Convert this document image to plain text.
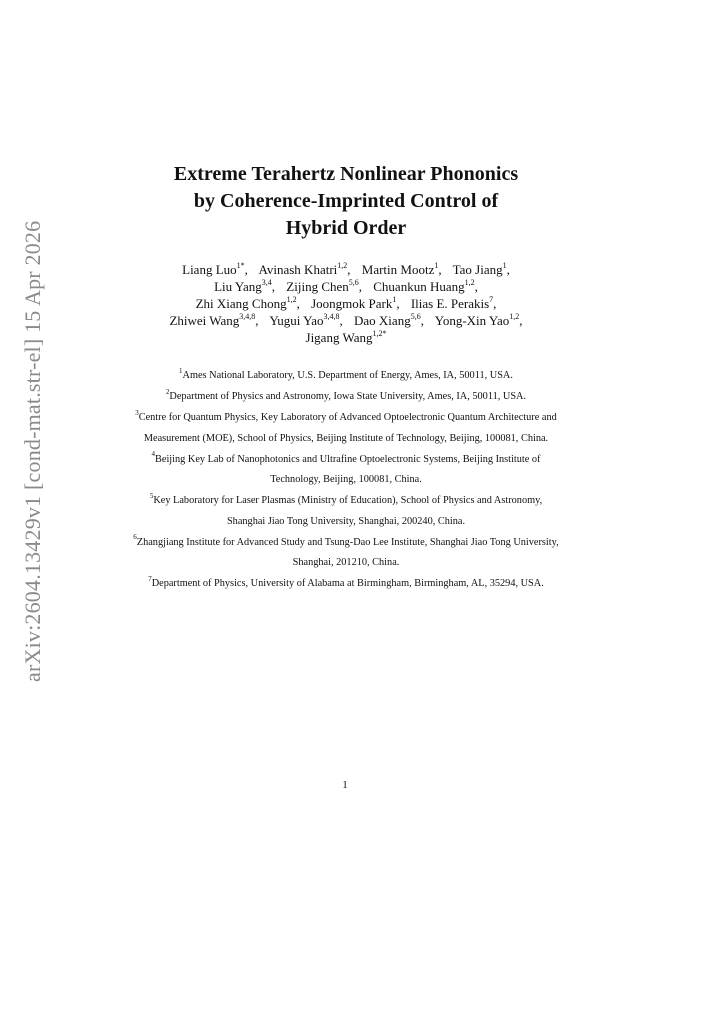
arXiv:2604.13429v1 [cond-mat.str-el] 15 Apr 2026
Extreme Terahertz Nonlinear Phononics
by Coherence-Imprinted Control of
Hybrid Order
Liang Luo$^{1*}$, Avinash Khatri$^{1,2}$, Martin Mootz$^1$, Tao Jiang$^1$,
Liu Yang$^{3,4}$, Zijing Chen$^{5,6}$, Chuankun Huang$^{1,2}$,
Zhi Xiang Chong$^{1,2}$, Joongmok Park$^1$, Ilias E. Perakis$^7$,
Zhiwei Wang$^{3,4,8}$, Yugui Yao$^{3,4,8}$, Dao Xiang$^{5,6}$, Yong-Xin Yao$^{1,2}$,
Jigang Wang$^{1,2*}$
$^1$Ames National Laboratory, U.S. Department of Energy, Ames, IA, 50011, USA.
$^2$Department of Physics and Astronomy, Iowa State University, Ames, IA, 50011, USA.
$^3$Centre for Quantum Physics, Key Laboratory of Advanced Optoelectronic Quantum Architecture and Measurement (MOE), School of Physics, Beijing Institute of Technology, Beijing, 100081, China.
$^4$Beijing Key Lab of Nanophotonics and Ultrafine Optoelectronic Systems, Beijing Institute of Technology, Beijing, 100081, China.
$^5$Key Laboratory for Laser Plasmas (Ministry of Education), School of Physics and Astronomy, Shanghai Jiao Tong University, Shanghai, 200240, China.
$^6$Zhangjiang Institute for Advanced Study and Tsung-Dao Lee Institute, Shanghai Jiao Tong University, Shanghai, 201210, China.
$^7$Department of Physics, University of Alabama at Birmingham, Birmingham, AL, 35294, USA.
1
